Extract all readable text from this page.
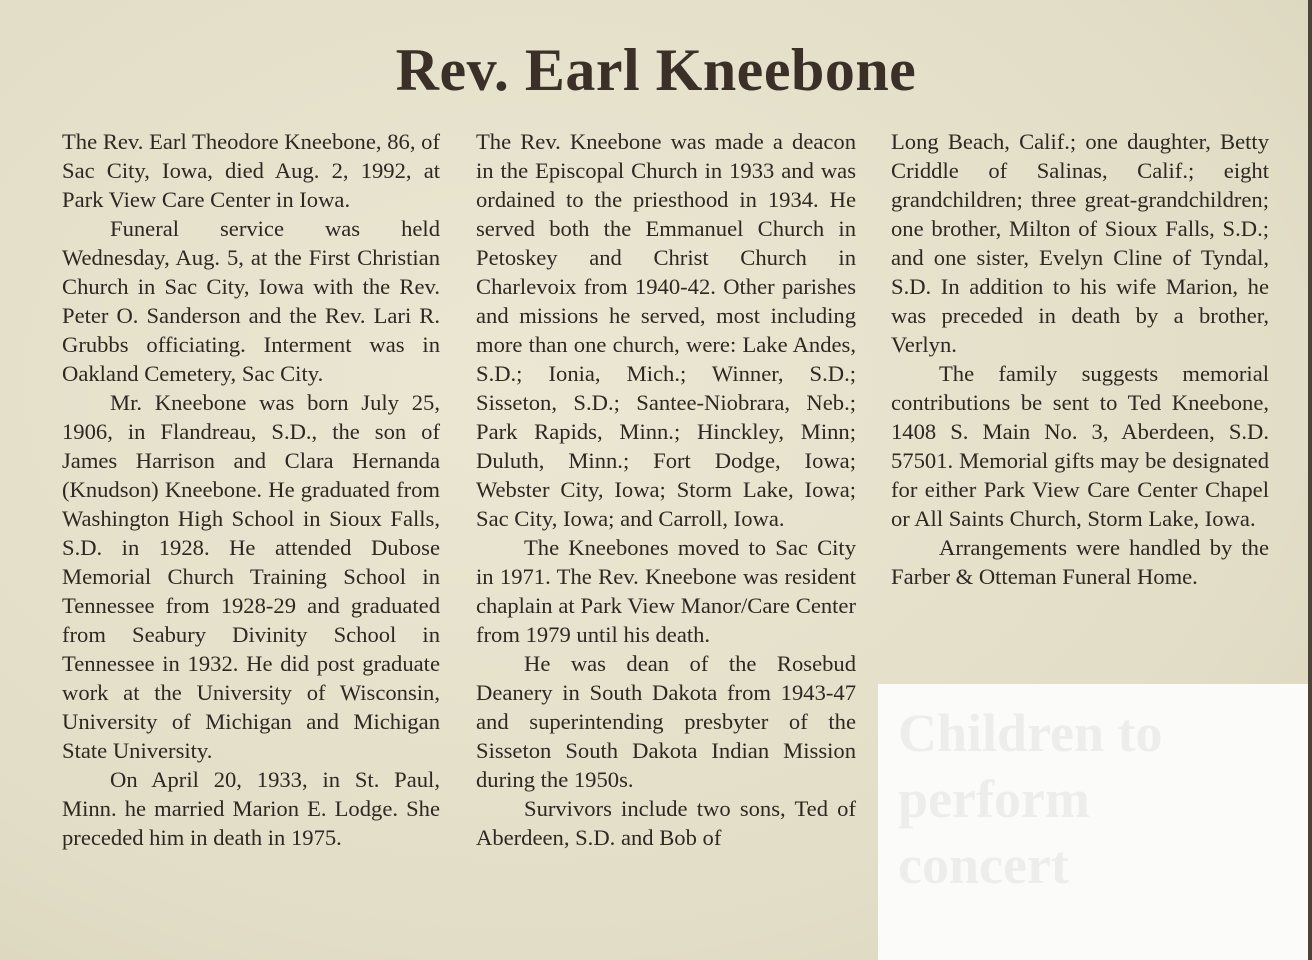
Rev. Earl Kneebone

The Rev. Earl Theodore Kneebone, 86, of Sac City, Iowa, died Aug. 2, 1992, at Park View Care Center in Iowa.

Funeral service was held Wednesday, Aug. 5, at the First Christian Church in Sac City, Iowa with the Rev. Peter O. Sanderson and the Rev. Lari R. Grubbs officiating. Interment was in Oakland Cemetery, Sac City.

Mr. Kneebone was born July 25, 1906, in Flandreau, S.D., the son of James Harrison and Clara Hernanda (Knudson) Kneebone. He graduated from Washington High School in Sioux Falls, S.D. in 1928. He attended Dubose Memorial Church Training School in Tennessee from 1928-29 and graduated from Seabury Divinity School in Tennessee in 1932. He did post graduate work at the University of Wisconsin, University of Michigan and Michigan State University.

On April 20, 1933, in St. Paul, Minn. he married Marion E. Lodge. She preceded him in death in 1975.

The Rev. Kneebone was made a deacon in the Episcopal Church in 1933 and was ordained to the priesthood in 1934. He served both the Emmanuel Church in Petoskey and Christ Church in Charlevoix from 1940-42. Other parishes and missions he served, most including more than one church, were: Lake Andes, S.D.; Ionia, Mich.; Winner, S.D.; Sisseton, S.D.; Santee-Niobrara, Neb.; Park Rapids, Minn.; Hinckley, Minn; Duluth, Minn.; Fort Dodge, Iowa; Webster City, Iowa; Storm Lake, Iowa; Sac City, Iowa; and Carroll, Iowa.

The Kneebones moved to Sac City in 1971. The Rev. Kneebone was resident chaplain at Park View Manor/Care Center from 1979 until his death.

He was dean of the Rosebud Deanery in South Dakota from 1943-47 and superintending presbyter of the Sisseton South Dakota Indian Mission during the 1950s.

Survivors include two sons, Ted of Aberdeen, S.D. and Bob of

Long Beach, Calif.; one daughter, Betty Criddle of Salinas, Calif.; eight grandchildren; three great-grandchildren; one brother, Milton of Sioux Falls, S.D.; and one sister, Evelyn Cline of Tyndal, S.D. In addition to his wife Marion, he was preceded in death by a brother, Verlyn.

The family suggests memorial contributions be sent to Ted Kneebone, 1408 S. Main No. 3, Aberdeen, S.D. 57501. Memorial gifts may be designated for either Park View Care Center Chapel or All Saints Church, Storm Lake, Iowa.

Arrangements were handled by the Farber & Otteman Funeral Home.
